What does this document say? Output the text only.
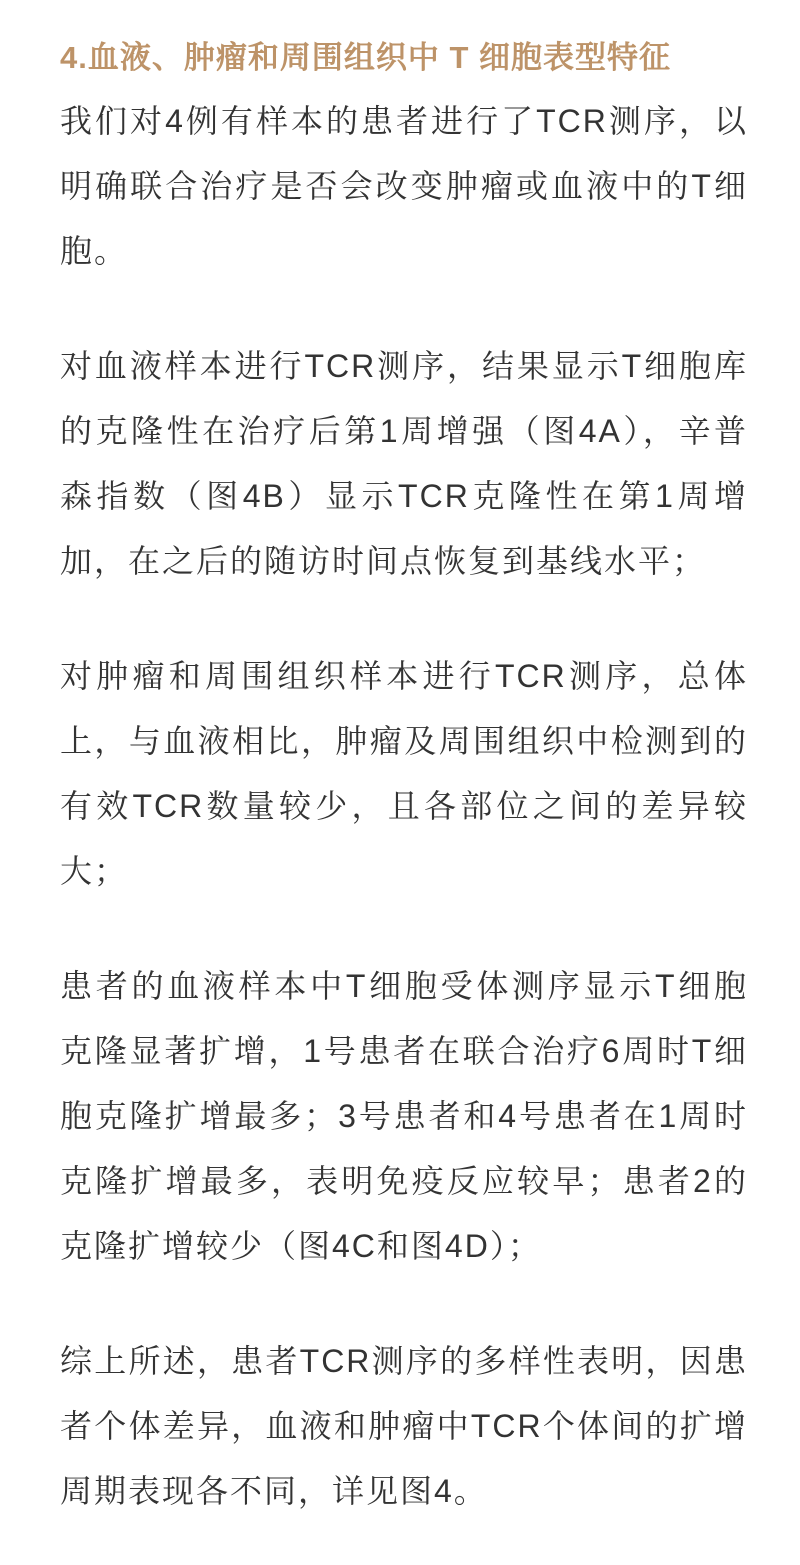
4.血液、肿瘤和周围组织中 T 细胞表型特征

我们对4例有样本的患者进行了TCR测序，以明确联合治疗是否会改变肿瘤或血液中的T细胞。

对血液样本进行TCR测序，结果显示T细胞库的克隆性在治疗后第1周增强（图4A），辛普森指数（图4B）显示TCR克隆性在第1周增加，在之后的随访时间点恢复到基线水平；

对肿瘤和周围组织样本进行TCR测序，总体上，与血液相比，肿瘤及周围组织中检测到的有效TCR数量较少，且各部位之间的差异较大；

患者的血液样本中T细胞受体测序显示T细胞克隆显著扩增，1号患者在联合治疗6周时T细胞克隆扩增最多；3号患者和4号患者在1周时克隆扩增最多，表明免疫反应较早；患者2的克隆扩增较少（图4C和图4D）；

综上所述，患者TCR测序的多样性表明，因患者个体差异，血液和肿瘤中TCR个体间的扩增周期表现各不同，详见图4。
